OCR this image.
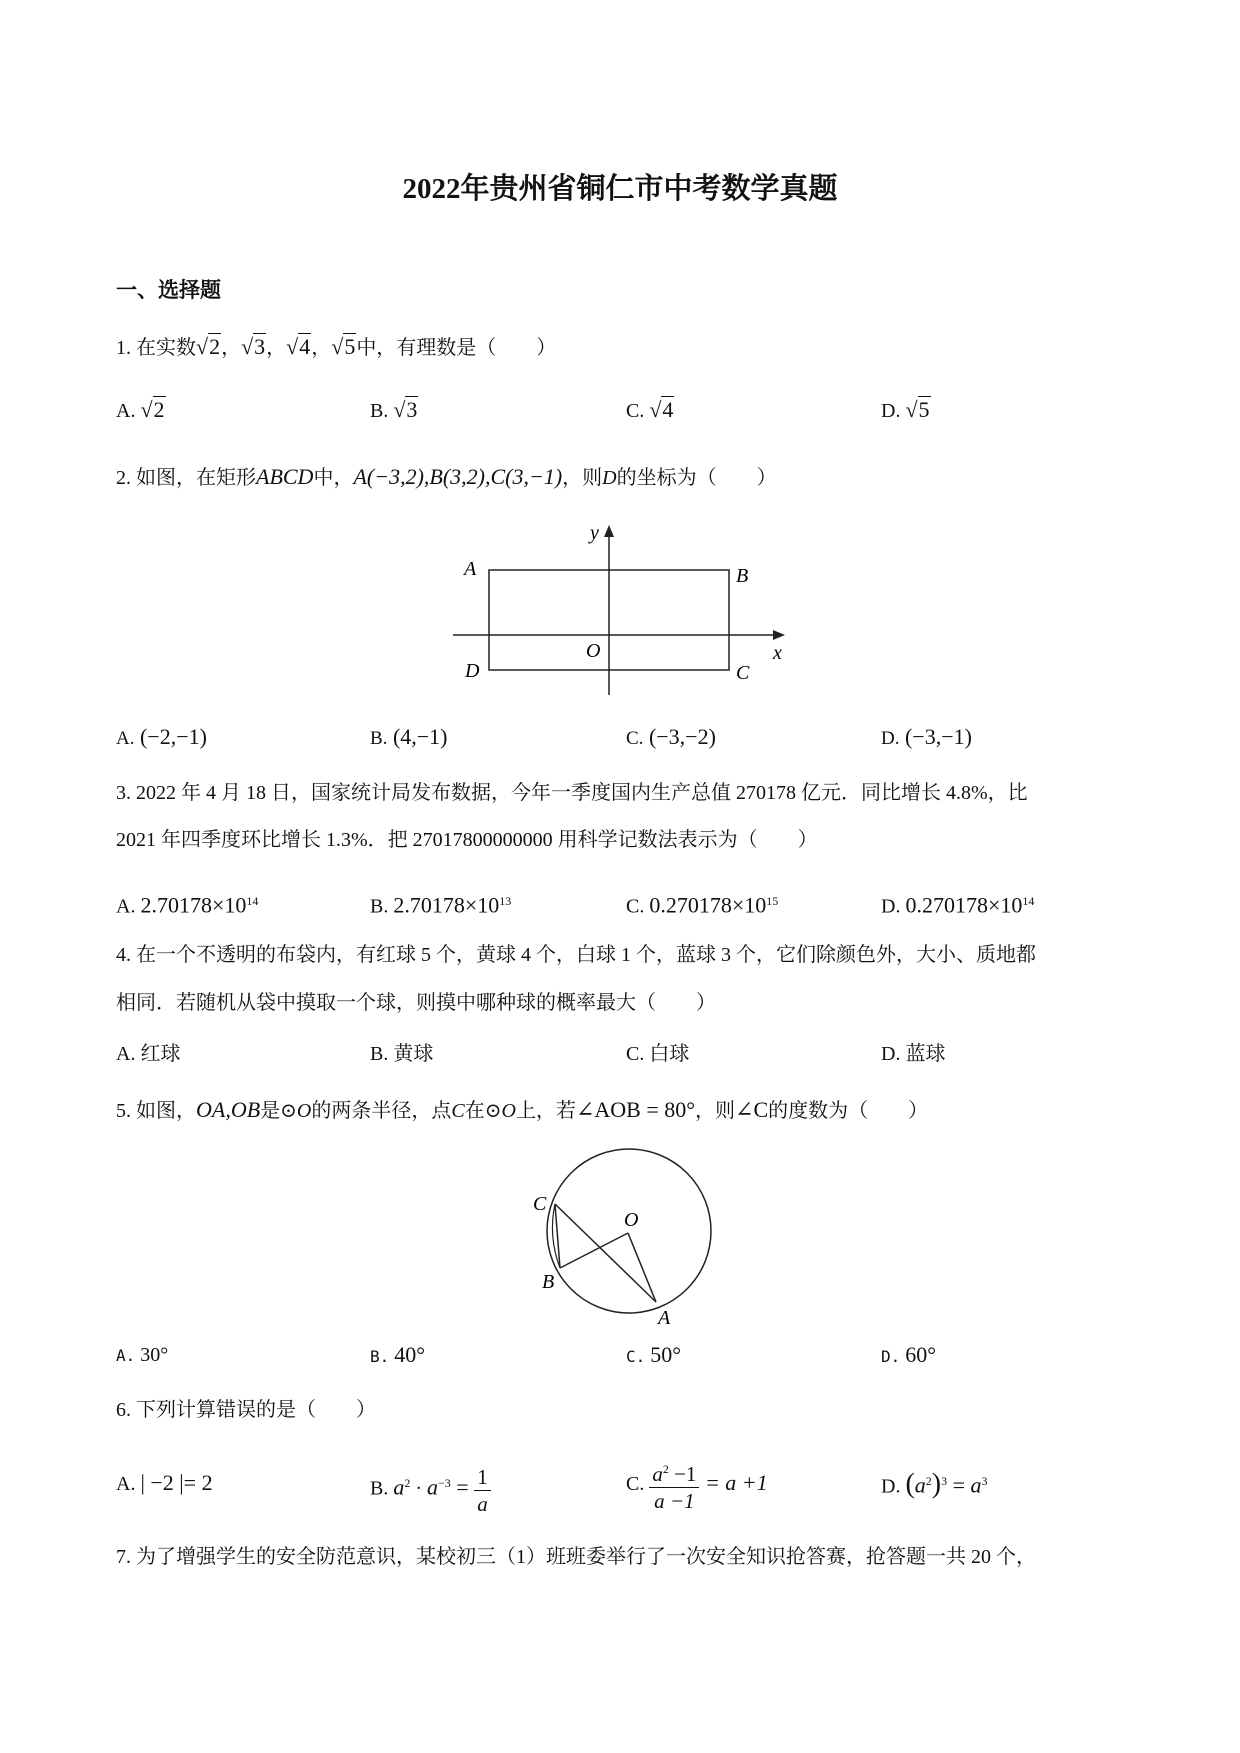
2022年贵州省铜仁市中考数学真题
一、选择题
1. 在实数√2，√3，√4，√5中，有理数是（　　）
A. √2	B. √3	C. √4	D. √5
2. 如图，在矩形ABCD中，A(−3,2),B(3,2),C(3,−1)，则D的坐标为（　　）
A	B
C
D
O	x
y
A. (−2,−1)	B. (4,−1)	C. (−3,−2)	D. (−3,−1)
3. 2022 年 4 月 18 日，国家统计局发布数据，今年一季度国内生产总值 270178 亿元．同比增长 4.8%，比
2021 年四季度环比增长 1.3%．把 27017800000000 用科学记数法表示为（　　）
A. $2.70178\times 10^{14}$	B. $2.70178\times 10^{13}$	C. $0.270178\times 10^{15}$	D. $0.270178\times 10^{14}$
4. 在一个不透明的布袋内，有红球 5 个，黄球 4 个，白球 1 个，蓝球 3 个，它们除颜色外，大小、质地都
相同．若随机从袋中摸取一个球，则摸中哪种球的概率最大（　　）
A. 红球	B. 黄球	C. 白球	D. 蓝球
5. 如图，OA,OB是⊙O的两条半径，点C在⊙O上，若∠AOB = 80°，则∠C的度数为（　　）
C
O
B
A
A. 30°	B. 40°	C. 50°	D. 60°
6. 下列计算错误的是（　　）
A. | −2 |= 2	B. $a^2 \cdot a^{-3} = \frac{1}{a}$	C. $\frac{a^2 -1}{a -1} = a +1$	D. $(a^2)^3 = a^3$
7. 为了增强学生的安全防范意识，某校初三（1）班班委举行了一次安全知识抢答赛，抢答题一共 20 个，
